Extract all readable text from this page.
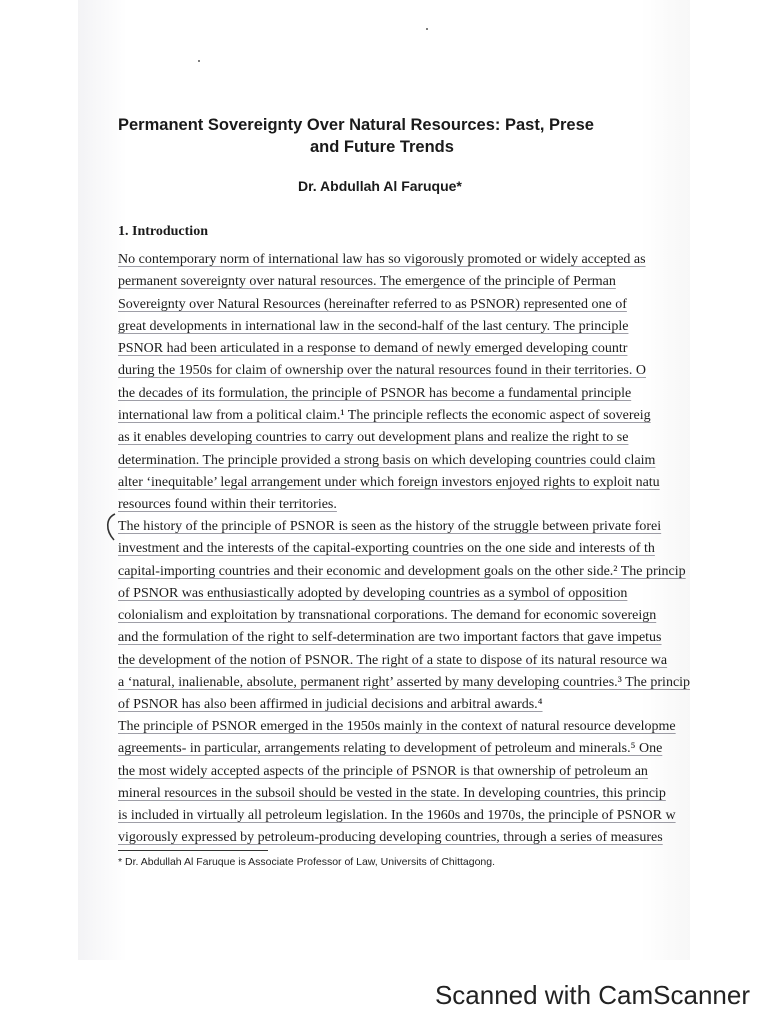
Permanent Sovereignty Over Natural Resources: Past, Prese
and Future Trends
Dr. Abdullah Al Faruque*
1. Introduction
No contemporary norm of international law has so vigorously promoted or widely accepted as
permanent sovereignty over natural resources. The emergence of the principle of Perman
Sovereignty over Natural Resources (hereinafter referred to as PSNOR) represented one of
great developments in international law in the second-half of the last century. The principle
PSNOR had been articulated in a response to demand of newly emerged developing countr
during the 1950s for claim of ownership over the natural resources found in their territories. O
the decades of its formulation, the principle of PSNOR has become a fundamental principle
international law from a political claim.¹ The principle reflects the economic aspect of sovereig
as it enables developing countries to carry out development plans and realize the right to se
determination. The principle provided a strong basis on which developing countries could claim
alter ‘inequitable’ legal arrangement under which foreign investors enjoyed rights to exploit natu
resources found within their territories.
The history of the principle of PSNOR is seen as the history of the struggle between private forei
investment and the interests of the capital-exporting countries on the one side and interests of th
capital-importing countries and their economic and development goals on the other side.² The princip
of PSNOR was enthusiastically adopted by developing countries as a symbol of opposition
colonialism and exploitation by transnational corporations. The demand for economic sovereign
and the formulation of the right to self-determination are two important factors that gave impetus
the development of the notion of PSNOR. The right of a state to dispose of its natural resource wa
a ‘natural, inalienable, absolute, permanent right’ asserted by many developing countries.³ The princip
of PSNOR has also been affirmed in judicial decisions and arbitral awards.⁴
The principle of PSNOR emerged in the 1950s mainly in the context of natural resource developme
agreements- in particular, arrangements relating to development of petroleum and minerals.⁵ One
the most widely accepted aspects of the principle of PSNOR is that ownership of petroleum an
mineral resources in the subsoil should be vested in the state. In developing countries, this princip
is included in virtually all petroleum legislation. In the 1960s and 1970s, the principle of PSNOR w
vigorously expressed by petroleum-producing developing countries, through a series of measures
* Dr. Abdullah Al Faruque is Associate Professor of Law, Universits of Chittagong.
Scanned with CamScanner
